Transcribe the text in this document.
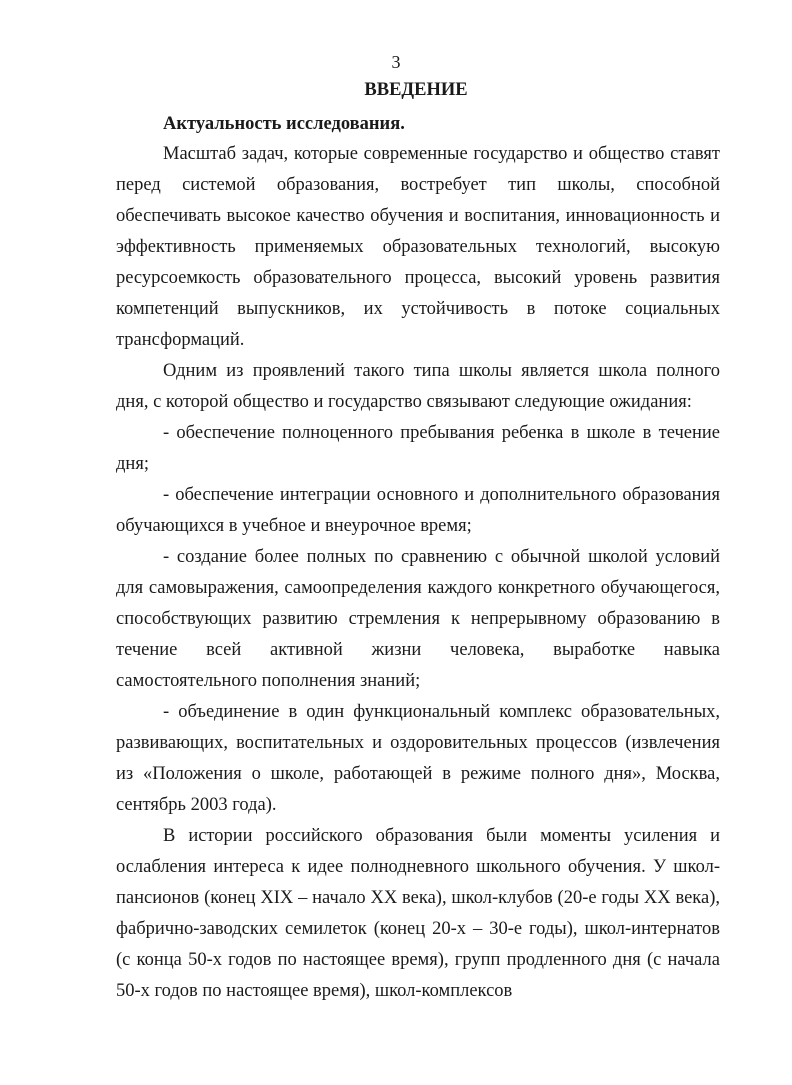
3
ВВЕДЕНИЕ
Актуальность исследования.

Масштаб задач, которые современные государство и общество ставят перед системой образования, востребует тип школы, способной обеспечивать высокое качество обучения и воспитания, инновационность и эффективность применяемых образовательных технологий, высокую ресурсоемкость образовательного процесса, высокий уровень развития компетенций выпускников, их устойчивость в потоке социальных трансформаций.

Одним из проявлений такого типа школы является школа полного дня, с которой общество и государство связывают следующие ожидания:

- обеспечение полноценного пребывания ребенка в школе в течение дня;

- обеспечение интеграции основного и дополнительного образования обучающихся в учебное и внеурочное время;

- создание более полных по сравнению с обычной школой условий для самовыражения, самоопределения каждого конкретного обучающегося, способствующих развитию стремления к непрерывному образованию в течение всей активной жизни человека, выработке навыка самостоятельного пополнения знаний;

- объединение в один функциональный комплекс образовательных, развивающих, воспитательных и оздоровительных процессов (извлечения из «Положения о школе, работающей в режиме полного дня», Москва, сентябрь 2003 года).

В истории российского образования были моменты усиления и ослабления интереса к идее полнодневного школьного обучения. У школ-пансионов (конец XIX – начало XX века), школ-клубов (20-е годы XX века), фабрично-заводских семилеток (конец 20-х – 30-е годы), школ-интернатов (с конца 50-х годов по настоящее время), групп продленного дня (с начала 50-х годов по настоящее время), школ-комплексов
